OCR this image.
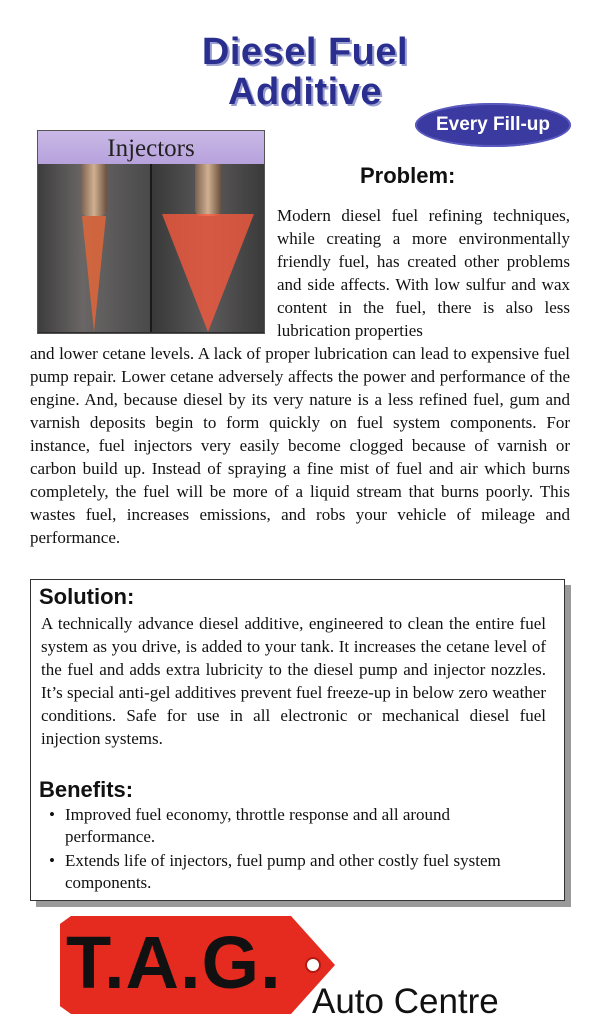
Diesel Fuel
Additive
Every Fill-up
Injectors
Problem:
Modern diesel fuel refining techniques, while creating a more environmentally friendly fuel, has created other problems and side affects. With low sulfur and wax content in the fuel, there is also less lubrication properties
and lower cetane levels. A lack of proper lubrication can lead to expensive fuel pump repair. Lower cetane adversely affects the power and performance of the engine. And, because diesel by its very nature is a less refined fuel, gum and varnish deposits begin to form quickly on fuel system components. For instance, fuel injectors very easily become clogged because of varnish or carbon build up. Instead of spraying a fine mist of fuel and air which burns completely, the fuel will be more of a liquid stream that burns poorly. This wastes fuel, increases emissions, and robs your vehicle of mileage and performance.
Solution:
A technically advance diesel additive, engineered to clean the entire fuel system as you drive, is added to your tank. It increases the cetane level of the fuel and adds extra lubricity to the diesel pump and injector nozzles. It’s special anti-gel additives prevent fuel freeze-up in below zero weather conditions. Safe for use in all electronic or mechanical diesel fuel injection systems.
Benefits:
• Improved fuel economy, throttle response and all around performance.
• Extends life of injectors, fuel pump and other costly fuel system components.
T.A.G. Auto Centre
